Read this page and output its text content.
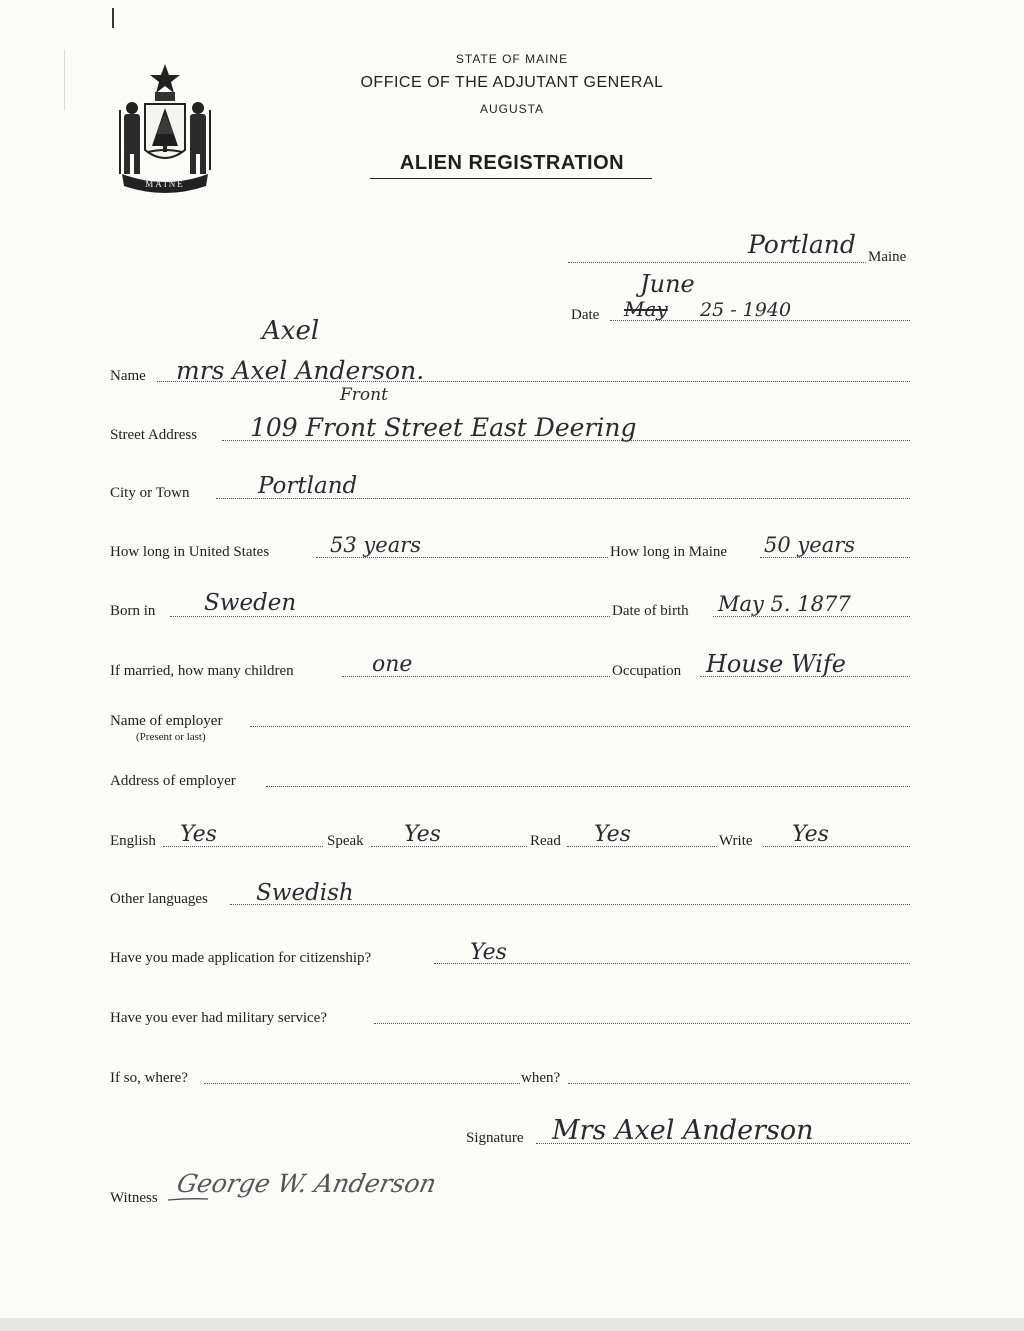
MAINE
STATE OF MAINE
OFFICE OF THE ADJUTANT GENERAL
AUGUSTA
ALIEN REGISTRATION
Portland Maine
Date
June
May 25 - 1940
Axel
Name mrs Axel Anderson.
Front
Street Address 109 Front Street East Deering
City or Town	Portland
How long in United States	53 years	How long in Maine 50 years
Born in Sweden	Date of birth May 5. 1877
If married, how many children	one	Occupation House Wife
Name of employer
(Present or last)
Address of employer
English Yes	Speak Yes	Read Yes	Write Yes
Other languages Swedish
Have you made application for citizenship?	Yes
Have you ever had military service?
If so, where?	when?
Signature Mrs Axel Anderson
Witness
George W. Anderson
